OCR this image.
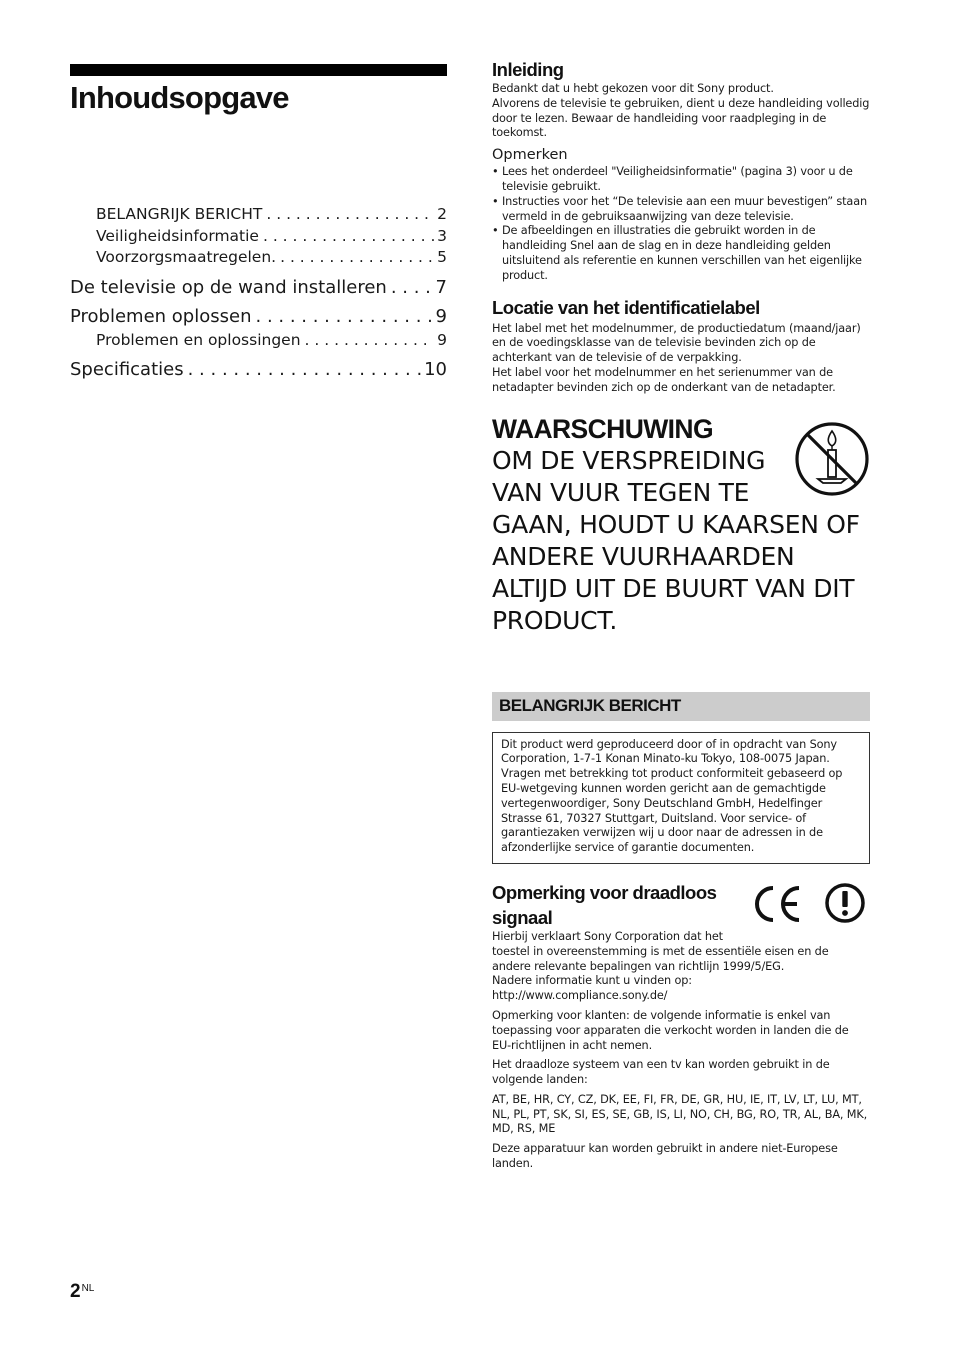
Inhoudsopgave
BELANGRIJK BERICHT . . .	2
Veiligheidsinformatie . . .	3
Voorzorgsmaatregelen. . . .	5
De televisie op de wand installeren . . .	7
Problemen oplossen . . .	9
Problemen en oplossingen . . .	9
Specificaties . . .	10
Inleiding

Bedankt dat u hebt gekozen voor dit Sony product.

Alvorens de televisie te gebruiken, dient u deze handleiding volledig door te lezen. Bewaar de handleiding voor raadpleging in de toekomst.

Opmerken
• Lees het onderdeel "Veiligheidsinformatie" (pagina 3) voor u de televisie gebruikt.
• Instructies voor het “De televisie aan een muur bevestigen” staan vermeld in de gebruiksaanwijzing van deze televisie.
• De afbeeldingen en illustraties die gebruikt worden in de handleiding Snel aan de slag en in deze handleiding gelden uitsluitend als referentie en kunnen verschillen van het eigenlijke product.
Locatie van het identificatielabel

Het label met het modelnummer, de productiedatum (maand/jaar) en de voedingsklasse van de televisie bevinden zich op de achterkant van de televisie of de verpakking.

Het label voor het modelnummer en het serienummer van de netadapter bevinden zich op de onderkant van de netadapter.

WAARSCHUWING

OM DE VERSPREIDING
VAN VUUR TEGEN TE
GAAN, HOUDT U KAARSEN OF ANDERE VUURHAARDEN ALTIJD UIT DE BUURT VAN DIT PRODUCT.

BELANGRIJK BERICHT

Dit product werd geproduceerd door of in opdracht van Sony Corporation, 1-7-1 Konan Minato-ku Tokyo, 108-0075 Japan. Vragen met betrekking tot product conformiteit gebaseerd op EU-wetgeving kunnen worden gericht aan de gemachtigde vertegenwoordiger, Sony Deutschland GmbH, Hedelfinger Strasse 61, 70327 Stuttgart, Duitsland. Voor service- of garantiezaken verwijzen wij u door naar de adressen in de afzonderlijke service of garantie documenten.

Opmerking voor draadloos signaal

Hierbij verklaart Sony Corporation dat het
toestel in overeenstemming is met de essentiële eisen en de andere relevante bepalingen van richtlijn 1999/5/EG.

Nadere informatie kunt u vinden op:

http://www.compliance.sony.de/

Opmerking voor klanten: de volgende informatie is enkel van toepassing voor apparaten die verkocht worden in landen die de EU-richtlijnen in acht nemen.

Het draadloze systeem van een tv kan worden gebruikt in de volgende landen:

AT, BE, HR, CY, CZ, DK, EE, FI, FR, DE, GR, HU, IE, IT, LV, LT, LU, MT, NL, PL, PT, SK, SI, ES, SE, GB, IS, LI, NO, CH, BG, RO, TR, AL, BA, MK, MD, RS, ME

Deze apparatuur kan worden gebruikt in andere niet-Europese landen.

$2^{NL}$
